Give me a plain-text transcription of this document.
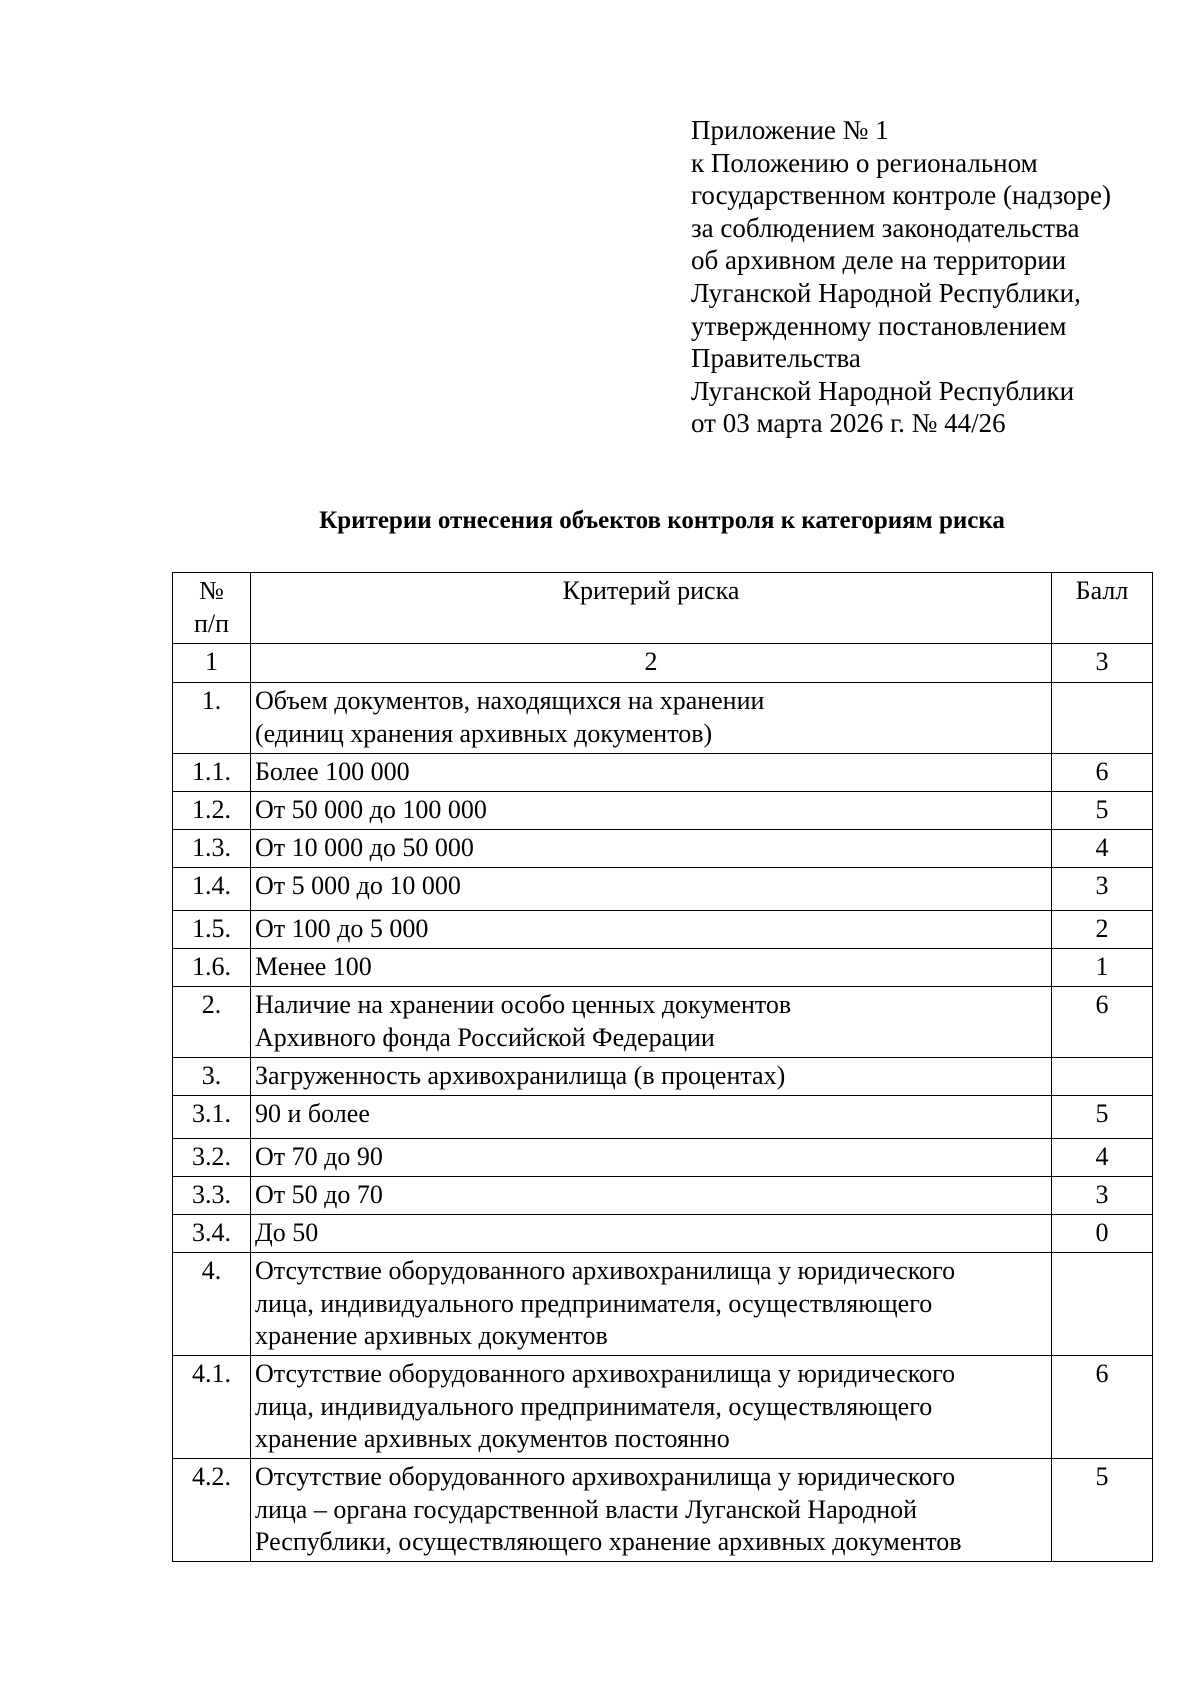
Приложение № 1
к Положению о региональном
государственном контроле (надзоре)
за соблюдением законодательства
об архивном деле на территории
Луганской Народной Республики,
утвержденному постановлением
Правительства
Луганской Народной Республики
от 03 марта 2026 г. № 44/26
Критерии отнесения объектов контроля к категориям риска
№
п/п	Критерий риска	Балл
1	2	3
1.	Объем документов, находящихся на хранении
(единиц хранения архивных документов)	

1.1.	Более 100 000	6
1.2.	От 50 000 до 100 000	5
1.3.	От 10 000 до 50 000	4
1.4.	От 5 000 до 10 000	3
1.5.	От 100 до 5 000	2
1.6.	Менее 100	1
2.	Наличие на хранении особо ценных документов
Архивного фонда Российской Федерации	6
3.	Загруженность архивохранилища (в процентах)	

3.1.	90 и более	5
3.2.	От 70 до 90	4
3.3.	От 50 до 70	3
3.4.	До 50	0
4.	Отсутствие оборудованного архивохранилища у юридического
лица, индивидуального предпринимателя, осуществляющего
хранение архивных документов	

4.1.	Отсутствие оборудованного архивохранилища у юридического
лица, индивидуального предпринимателя, осуществляющего
хранение архивных документов постоянно	6
4.2.	Отсутствие оборудованного архивохранилища у юридического
лица – органа государственной власти Луганской Народной
Республики, осуществляющего хранение архивных документов	5
